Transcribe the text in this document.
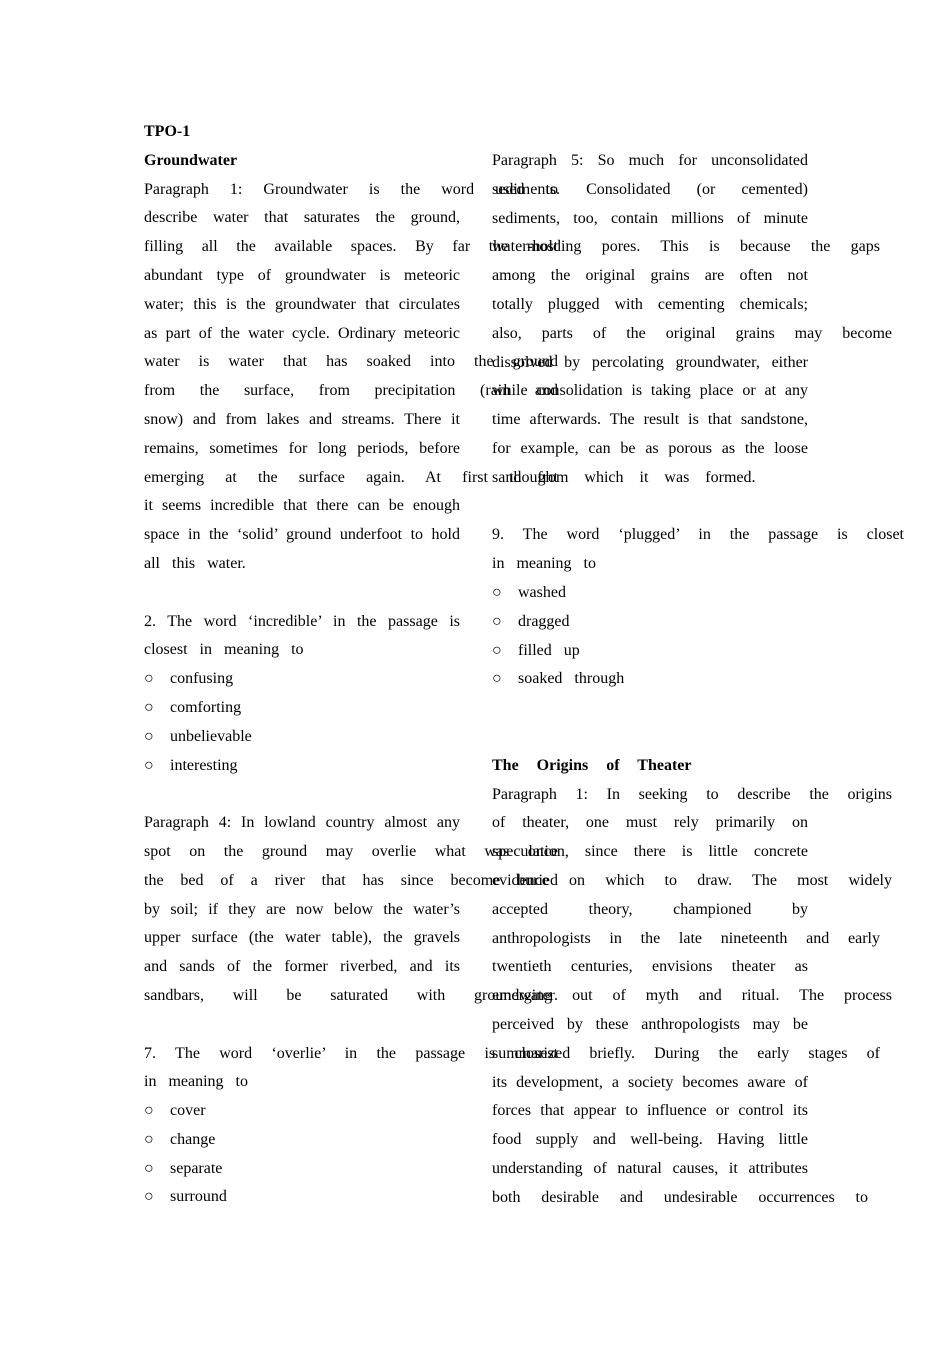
TPO-1
Groundwater
Paragraph 1: Groundwater is the word used to
describe water that saturates the ground,
filling all the available spaces. By far the most
abundant type of groundwater is meteoric
water; this is the groundwater that circulates
as part of the water cycle. Ordinary meteoric
water is water that has soaked into the ground
from the surface, from precipitation (rain and
snow) and from lakes and streams. There it
remains, sometimes for long periods, before
emerging at the surface again. At first thought
it seems incredible that there can be enough
space in the ‘solid’ ground underfoot to hold
all this water.
2. The word ‘incredible’ in the passage is
closest in meaning to
○ confusing
○ comforting
○ unbelievable
○ interesting
Paragraph 4: In lowland country almost any
spot on the ground may overlie what was once
the bed of a river that has since become buried
by soil; if they are now below the water’s
upper surface (the water table), the gravels
and sands of the former riverbed, and its
sandbars, will be saturated with groundwater.
7. The word ‘overlie’ in the passage is closest
in meaning to
○ cover
○ change
○ separate
○ surround
Paragraph 5: So much for unconsolidated
sediments. Consolidated (or cemented)
sediments, too, contain millions of minute
water-holding pores. This is because the gaps
among the original grains are often not
totally plugged with cementing chemicals;
also, parts of the original grains may become
dissolved by percolating groundwater, either
while consolidation is taking place or at any
time afterwards. The result is that sandstone,
for example, can be as porous as the loose
sand from which it was formed.
9. The word ‘plugged’ in the passage is closet
in meaning to
○ washed
○ dragged
○ filled up
○ soaked through
The Origins of Theater
Paragraph 1: In seeking to describe the origins
of theater, one must rely primarily on
speculation, since there is little concrete
evidence on which to draw. The most widely
accepted theory, championed by
anthropologists in the late nineteenth and early
twentieth centuries, envisions theater as
emerging out of myth and ritual. The process
perceived by these anthropologists may be
summarized briefly. During the early stages of
its development, a society becomes aware of
forces that appear to influence or control its
food supply and well-being. Having little
understanding of natural causes, it attributes
both desirable and undesirable occurrences to
